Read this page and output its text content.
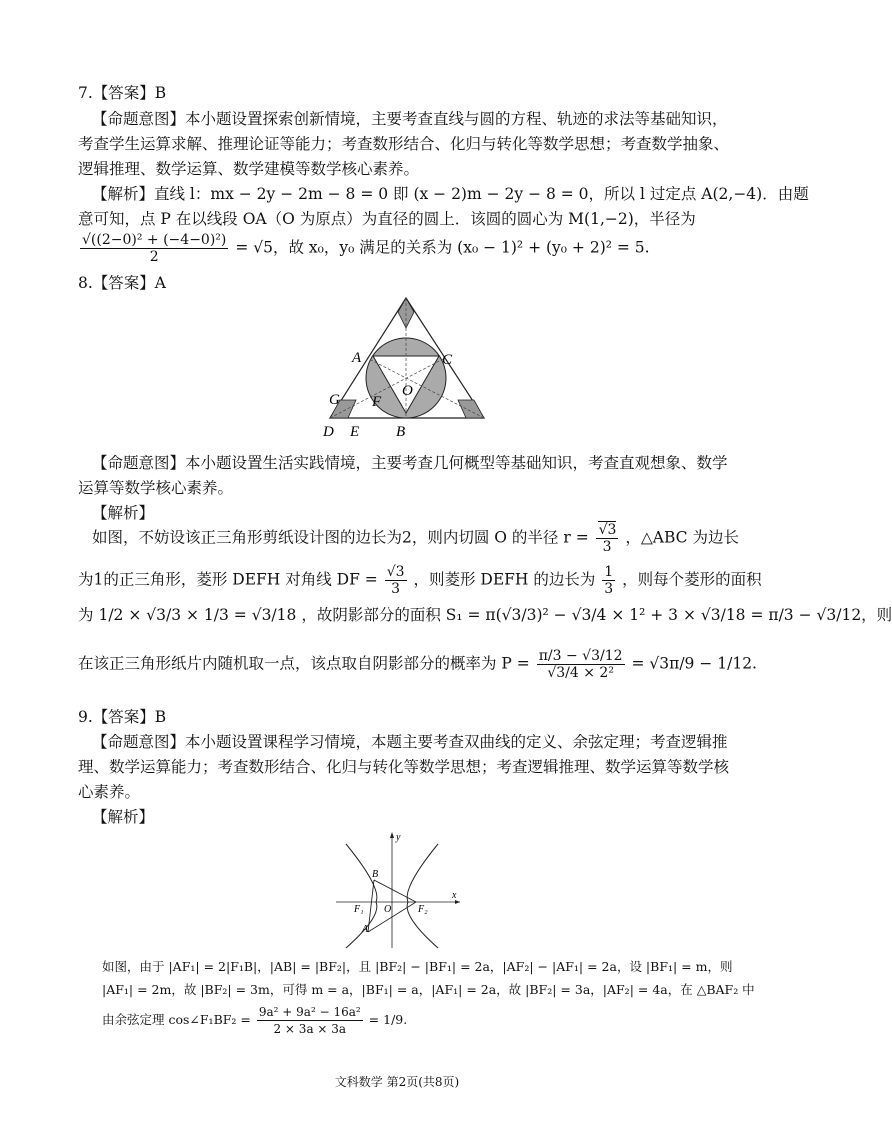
7.【答案】B
【命题意图】本小题设置探索创新情境，主要考查直线与圆的方程、轨迹的求法等基础知识，
考查学生运算求解、推理论证等能力；考查数形结合、化归与转化等数学思想；考查数学抽象、
逻辑推理、数学运算、数学建模等数学核心素养。
【解析】直线 l：mx − 2y − 2m − 8 = 0 即 (x − 2)m − 2y − 8 = 0，所以 l 过定点 A(2,−4)．由题
意可知，点 P 在以线段 OA（O 为原点）为直径的圆上．该圆的圆心为 M(1,−2)，半径为
$\frac{\text{√((2−0)² + (−4−0)²)}}{2} = √5$，故 x₀，y₀ 满足的关系为 (x₀ − 1)² + (y₀ + 2)² = 5.
8.【答案】A
A	C
O
G F
D E B
【命题意图】本小题设置生活实践情境，主要考查几何概型等基础知识，考查直观想象、数学
运算等数学核心素养。
【解析】
如图，不妨设该正三角形剪纸设计图的边长为2，则内切圆 O 的半径 $r = \frac{√3}{3}$ ，△ABC 为边长
为1的正三角形，菱形 DEFH 对角线 DF = $\frac{√3}{3}$ ，则菱形 DEFH 的边长为 $\frac{1}{3}$ ，则每个菱形的面积
为 1/2 × √3/3 × 1/3 = √3/18 ，故阴影部分的面积 S₁ = π(√3/3)² − √3/4 × 1² + 3 × √3/18 = π/3 − √3/12，则
在该正三角形纸片内随机取一点，该点取自阴影部分的概率为 $P = \frac{\pi/3 - √3/12}{\text{√3/4 × 2²}} = √3\pi/9 - 1/12$.
9.【答案】B
【命题意图】本小题设置课程学习情境，本题主要考查双曲线的定义、余弦定理；考查逻辑推
理、数学运算能力；考查数形结合、化归与转化等数学思想；考查逻辑推理、数学运算等数学核
心素养。
【解析】
B
A
F₁ O	F₂
y
x
如图，由于 |AF₁| = 2|F₁B|，|AB| = |BF₂|，且 |BF₂| − |BF₁| = 2a，|AF₂| − |AF₁| = 2a，设 |BF₁| = m，则
|AF₁| = 2m，故 |BF₂| = 3m，可得 m = a，|BF₁| = a，|AF₁| = 2a，故 |BF₂| = 3a，|AF₂| = 4a，在 △BAF₂ 中
由余弦定理 cos∠F₁BF₂ = $\frac{\text{9a² + 9a² − 16a²}}{2 \times 3a \times 3a} = 1/9$.
文科数学 第2页(共8页)
